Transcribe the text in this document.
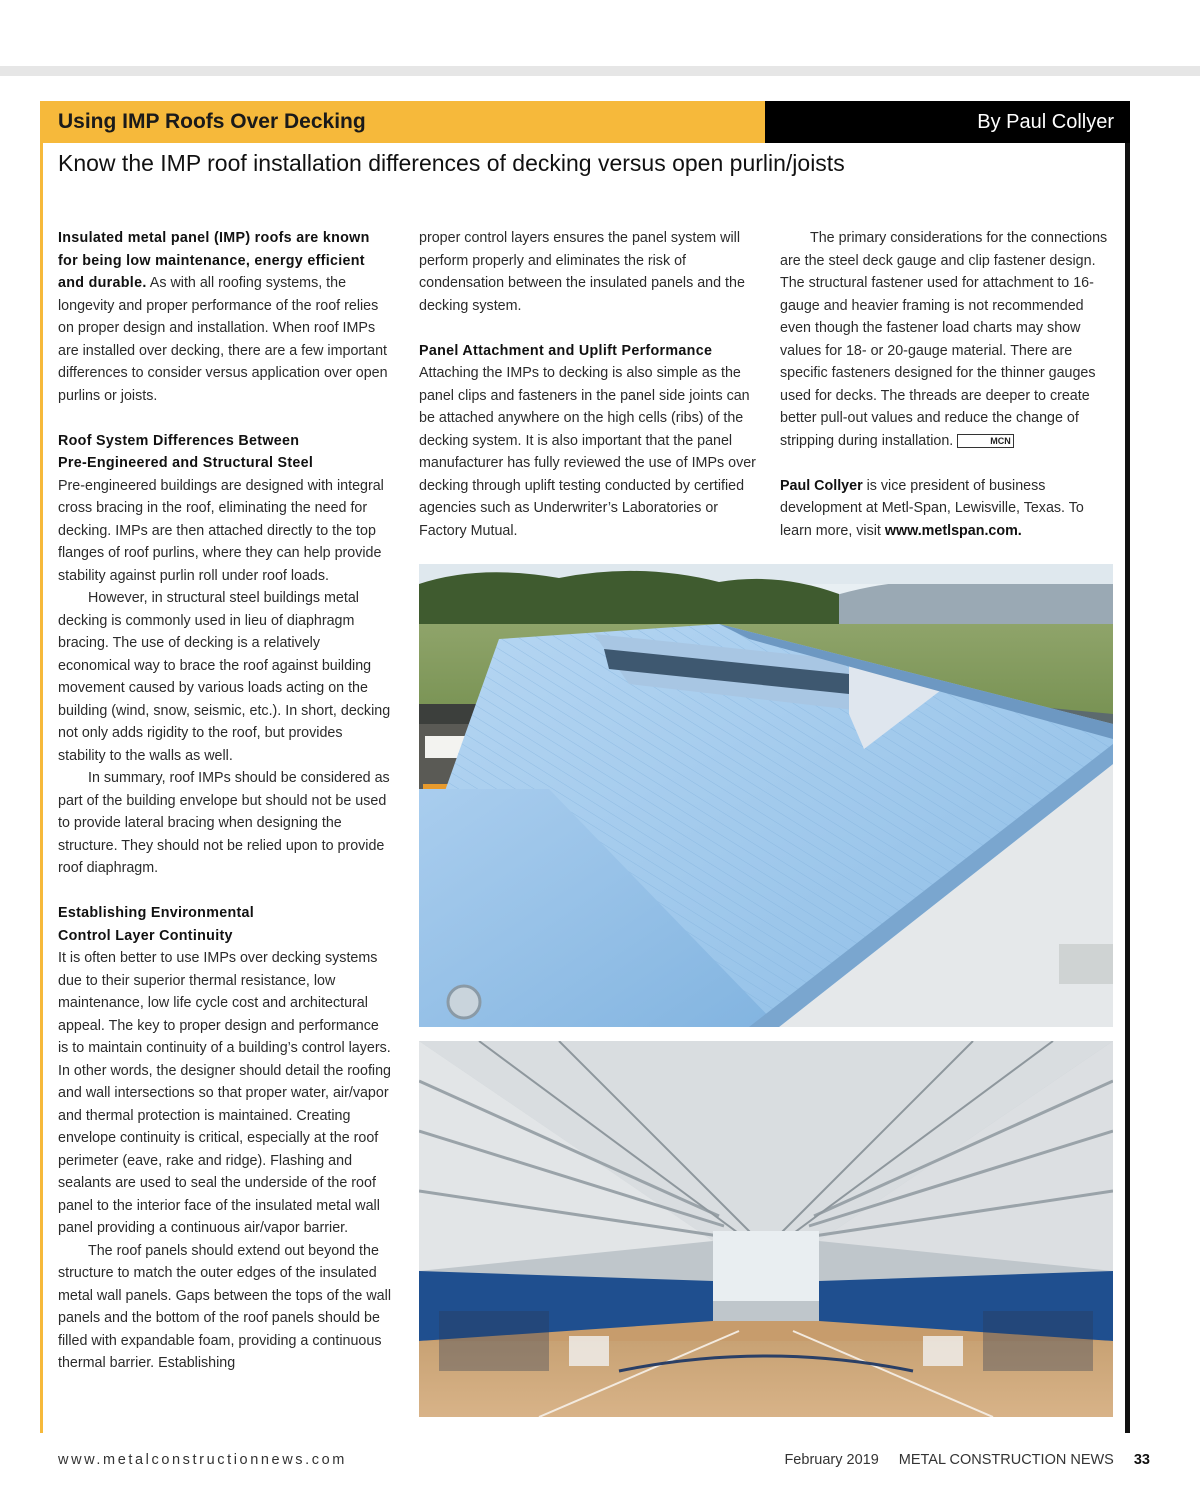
Using IMP Roofs Over Decking	By Paul Collyer
Know the IMP roof installation differences of decking versus open purlin/joists

Insulated metal panel (IMP) roofs are known for being low maintenance, energy efficient and durable. As with all roofing systems, the longevity and proper performance of the roof relies on proper design and installation. When roof IMPs are installed over decking, there are a few important differences to consider versus application over open purlins or joists.

Roof System Differences Between

Pre-Engineered and Structural Steel

Pre-engineered buildings are designed with integral cross bracing in the roof, eliminating the need for decking. IMPs are then attached directly to the top flanges of roof purlins, where they can help provide stability against purlin roll under roof loads.

However, in structural steel buildings metal decking is commonly used in lieu of diaphragm bracing. The use of decking is a relatively economical way to brace the roof against building movement caused by various loads acting on the building (wind, snow, seismic, etc.). In short, decking not only adds rigidity to the roof, but provides stability to the walls as well.

In summary, roof IMPs should be considered as part of the building envelope but should not be used to provide lateral bracing when designing the structure. They should not be relied upon to provide roof diaphragm.

Establishing Environmental

Control Layer Continuity

It is often better to use IMPs over decking systems due to their superior thermal resistance, low maintenance, low life cycle cost and architectural appeal. The key to proper design and performance is to maintain continuity of a building’s control layers. In other words, the designer should detail the roofing and wall intersections so that proper water, air/vapor and thermal protection is maintained. Creating envelope continuity is critical, especially at the roof perimeter (eave, rake and ridge). Flashing and sealants are used to seal the underside of the roof panel to the interior face of the insulated metal wall panel providing a continuous air/vapor barrier.

The roof panels should extend out beyond the structure to match the outer edges of the insulated metal wall panels. Gaps between the tops of the wall panels and the bottom of the roof panels should be filled with expandable foam, providing a continuous thermal barrier. Establishing

proper control layers ensures the panel system will perform properly and eliminates the risk of condensation between the insulated panels and the decking system.

Panel Attachment and Uplift Performance

Attaching the IMPs to decking is also simple as the panel clips and fasteners in the panel side joints can be attached anywhere on the high cells (ribs) of the decking system. It is also important that the panel manufacturer has fully reviewed the use of IMPs over decking through uplift testing conducted by certified agencies such as Underwriter’s Laboratories or Factory Mutual.

The primary considerations for the connections are the steel deck gauge and clip fastener design. The structural fastener used for attachment to 16-gauge and heavier framing is not recommended even though the fastener load charts may show values for 18- or 20-gauge material. There are specific fasteners designed for the thinner gauges used for decks. The threads are deeper to create better pull-out values and reduce the change of stripping during installation.	MCN

Paul Collyer is vice president of business development at Metl-Span, Lewisville, Texas. To learn more, visit www.metlspan.com.

www.metalconstructionnews.com	February 2019 METAL CONSTRUCTION NEWS 33
